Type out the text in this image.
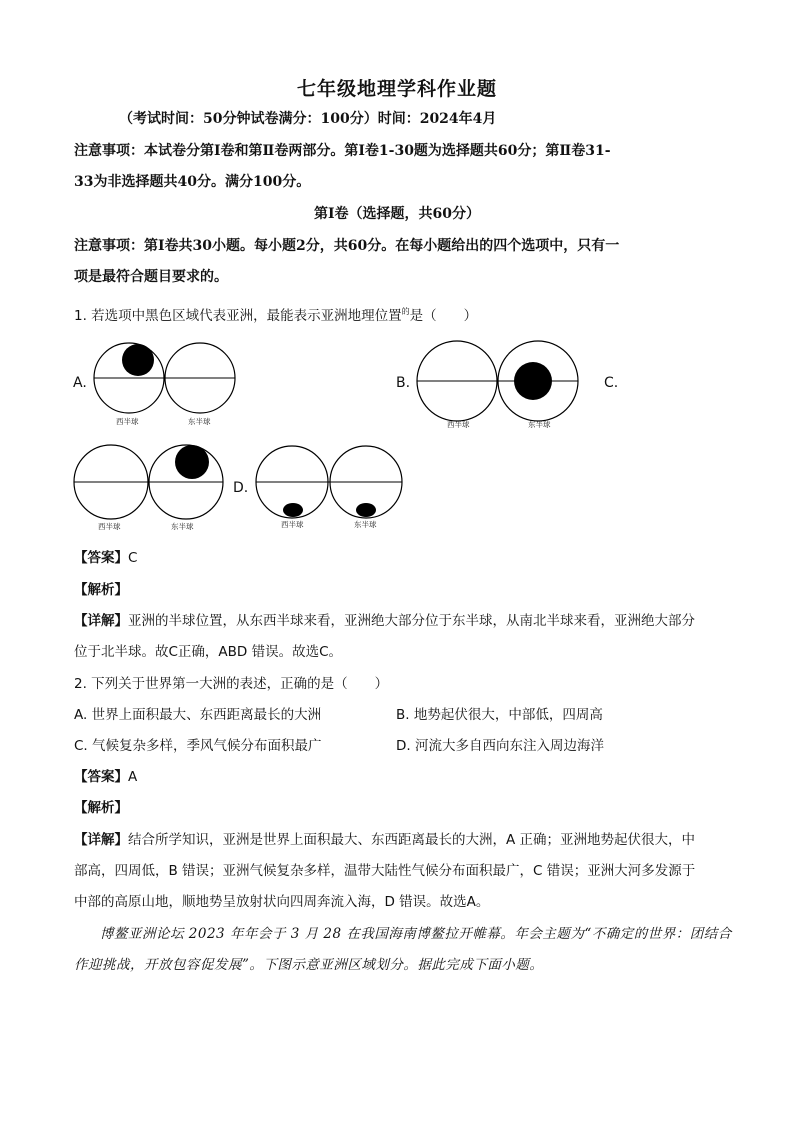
七年级地理学科作业题
（考试时间：50分钟试卷满分：100分）时间：2024年4月
注意事项：本试卷分第Ⅰ卷和第Ⅱ卷两部分。第Ⅰ卷1-30题为选择题共60分；第Ⅱ卷31-
33为非选择题共40分。满分100分。
第Ⅰ卷（选择题，共60分）
注意事项：第Ⅰ卷共30小题。每小题2分，共60分。在每小题给出的四个选项中，只有一
项是最符合题目要求的。
1. 若选项中黑色区域代表亚洲，最能表示亚洲地理位置$^的$是（　　）
A.
西半球	东半球
B.
西半球	东半球
C.
西半球	东半球
D.
西半球	东半球
【答案】C
【解析】
【详解】亚洲的半球位置，从东西半球来看，亚洲绝大部分位于东半球，从南北半球来看，亚洲绝大部分
位于北半球。故C正确，ABD 错误。故选C。
2. 下列关于世界第一大洲的表述，正确的是（　　）
A. 世界上面积最大、东西距离最长的大洲	B. 地势起伏很大，中部低，四周高
C. 气候复杂多样，季风气候分布面积最广	D. 河流大多自西向东注入周边海洋
【答案】A
【解析】
【详解】结合所学知识，亚洲是世界上面积最大、东西距离最长的大洲，A 正确；亚洲地势起伏很大，中
部高，四周低，B 错误；亚洲气候复杂多样，温带大陆性气候分布面积最广，C 错误；亚洲大河多发源于
中部的高原山地，顺地势呈放射状向四周奔流入海，D 错误。故选A。
博鳌亚洲论坛 2023 年年会于 3 月 28 在我国海南博鳌拉开帷幕。年会主题为“不确定的世界：团结合
作迎挑战，开放包容促发展”。下图示意亚洲区域划分。据此完成下面小题。
